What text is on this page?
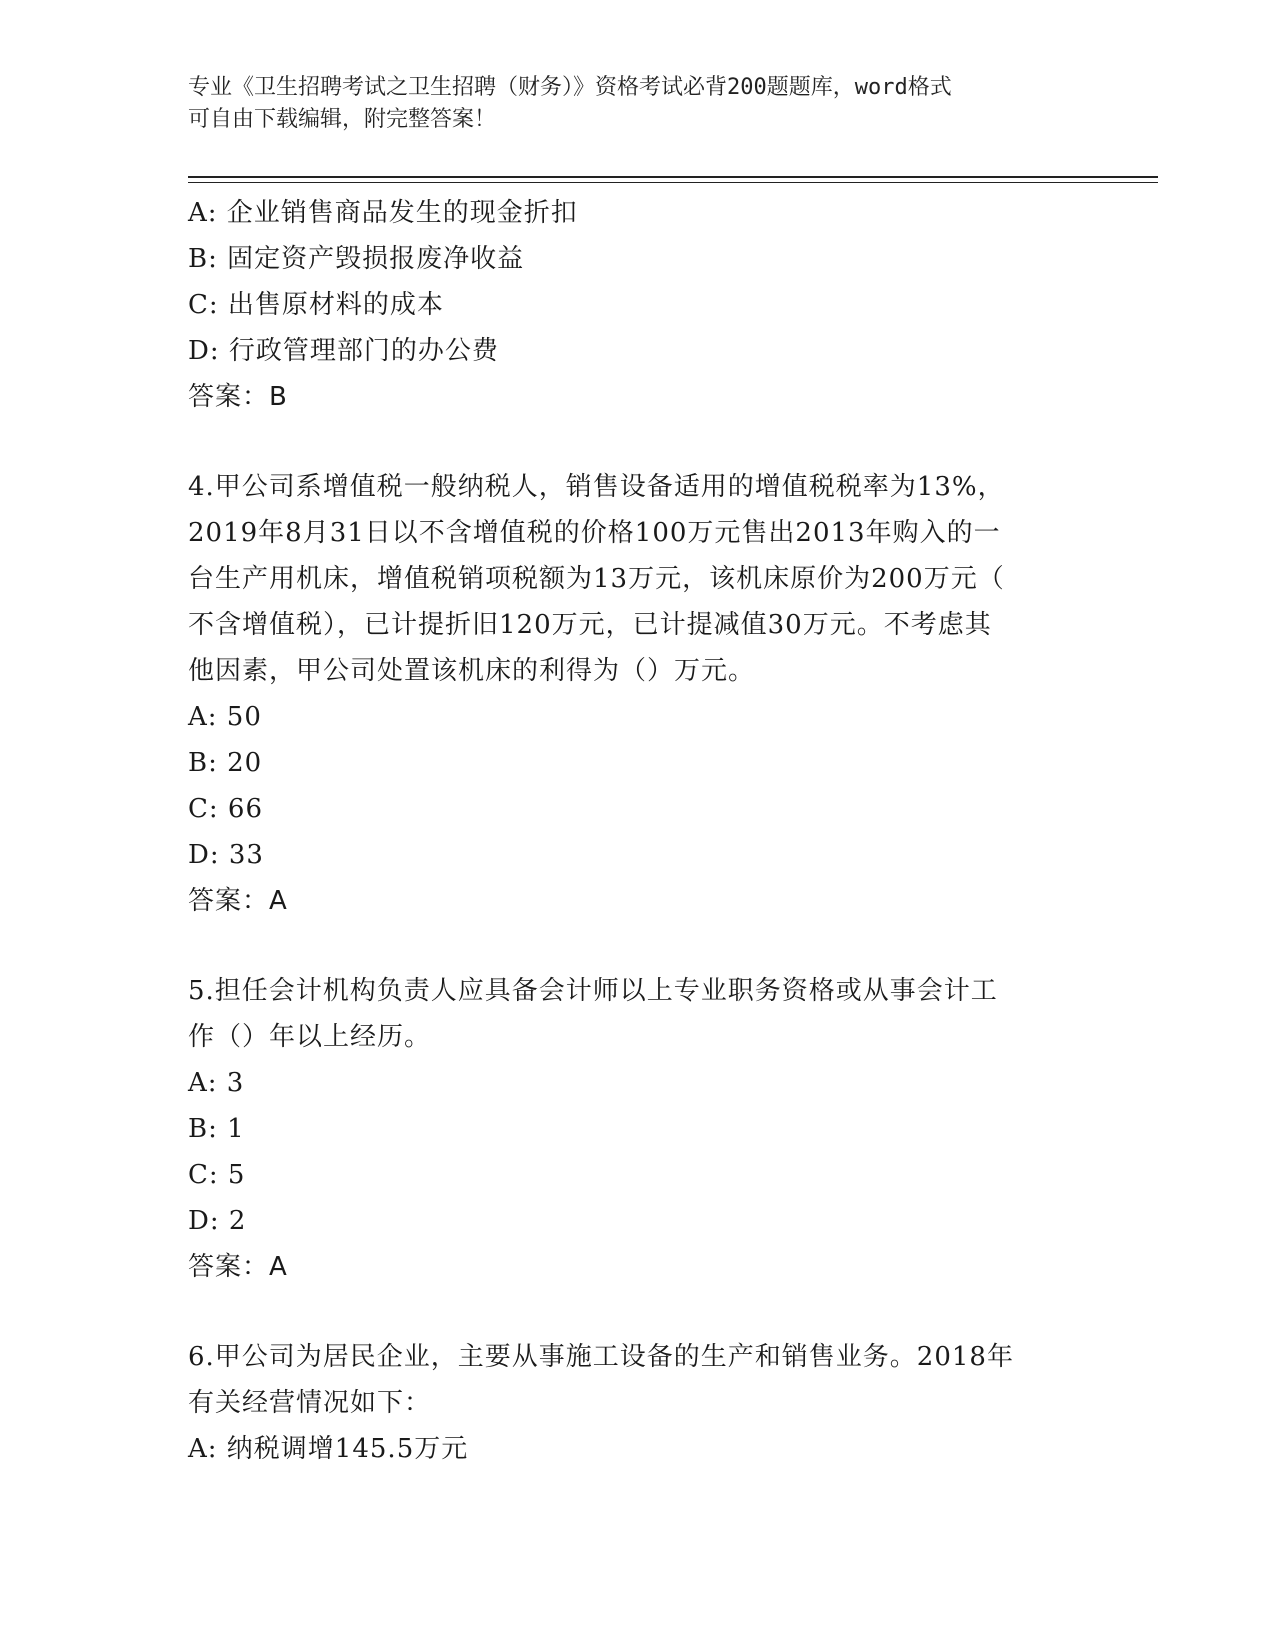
专业《卫生招聘考试之卫生招聘（财务）》资格考试必背200题题库，word格式
可自由下载编辑，附完整答案！
A: 企业销售商品发生的现金折扣
B: 固定资产毁损报废净收益
C: 出售原材料的成本
D: 行政管理部门的办公费
答案：B
4.甲公司系增值税一般纳税人，销售设备适用的增值税税率为13%，
2019年8月31日以不含增值税的价格100万元售出2013年购入的一
台生产用机床，增值税销项税额为13万元，该机床原价为200万元（
不含增值税），已计提折旧120万元，已计提减值30万元。不考虑其
他因素，甲公司处置该机床的利得为（）万元。
A: 50
B: 20
C: 66
D: 33
答案：A
5.担任会计机构负责人应具备会计师以上专业职务资格或从事会计工
作（）年以上经历。
A: 3
B: 1
C: 5
D: 2
答案：A
6.甲公司为居民企业，主要从事施工设备的生产和销售业务。2018年
有关经营情况如下：
A: 纳税调增145.5万元
